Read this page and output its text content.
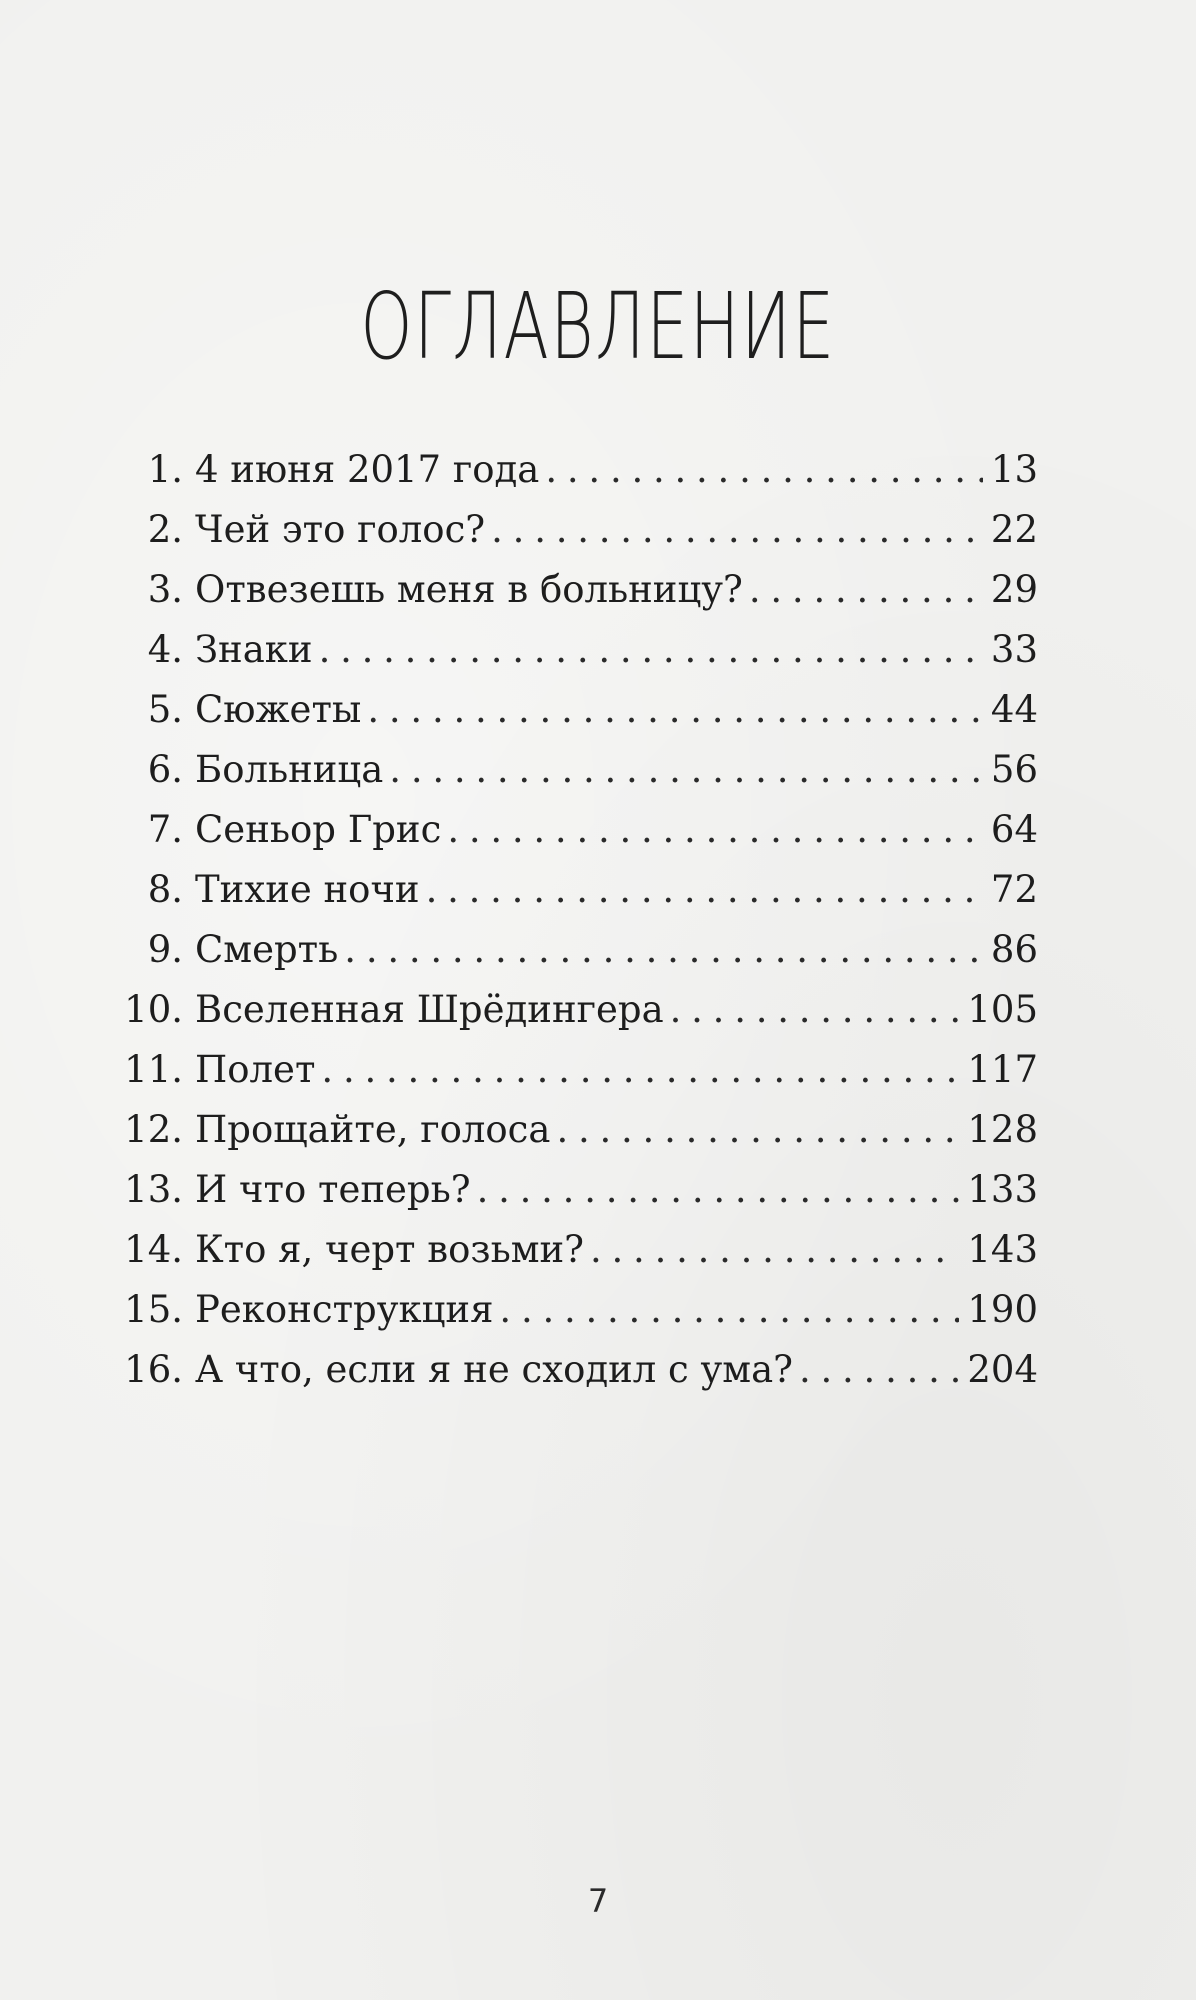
ОГЛАВЛЕНИЕ
1. 4 июня 2017 года . . .	13
2. Чей это голос? . . .	22
3. Отвезешь меня в больницу? . . .	29
4. Знаки . . .	33
5. Сюжеты . . .	44
6. Больница . . .	56
7. Сеньор Грис . . .	64
8. Тихие ночи . . .	72
9. Смерть . . .	86
10. Вселенная Шрёдингера . . .	105
11. Полет . . .	117
12. Прощайте, голоса . . .	128
13. И что теперь? . . .	133
14. Кто я, черт возьми? . . .	143
15. Реконструкция . . .	190
16. А что, если я не сходил с ума? . . .	204
7
